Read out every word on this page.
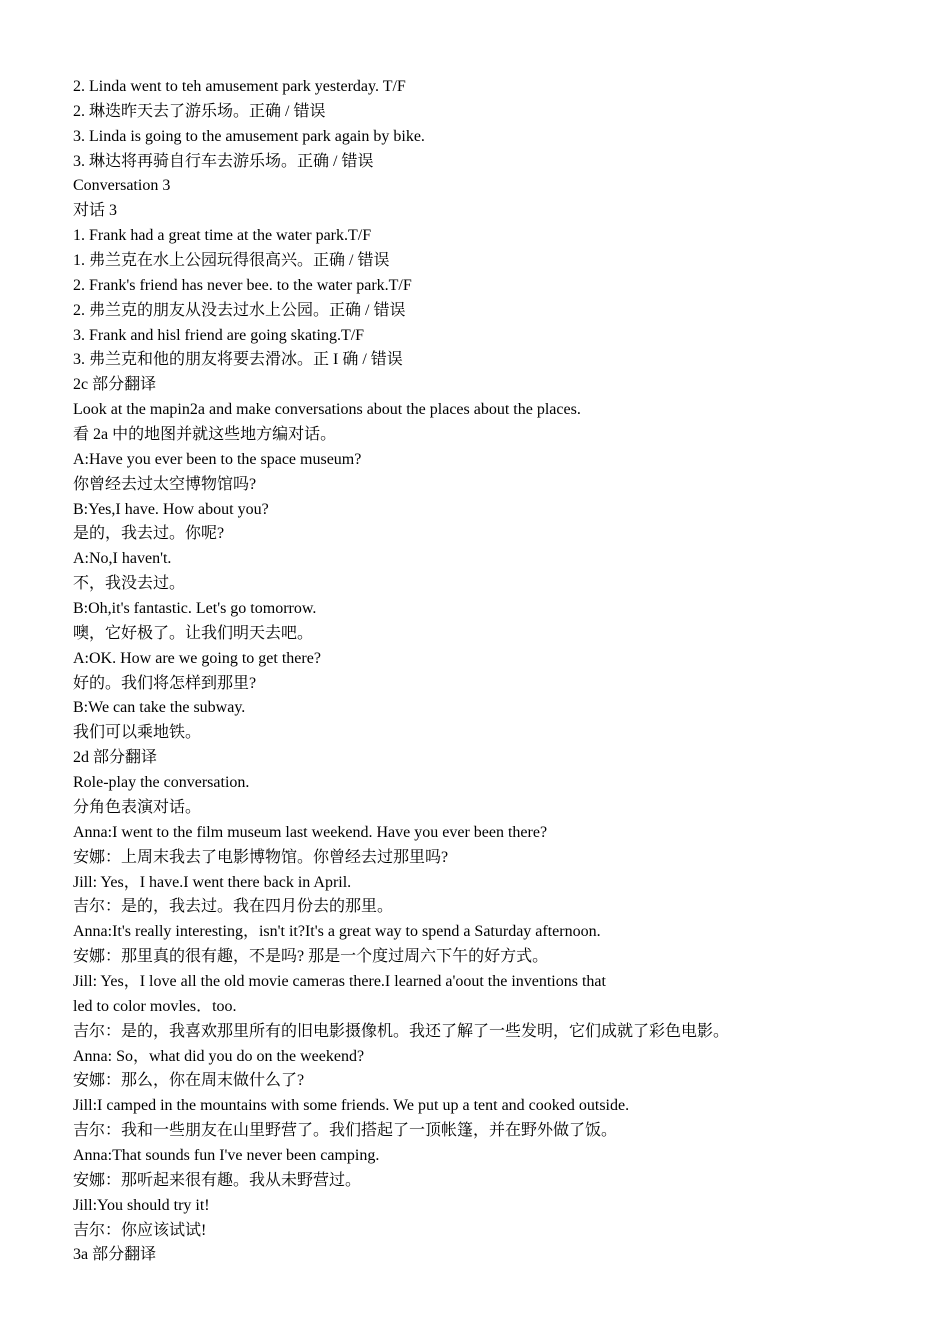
2. Linda went to teh amusement park yesterday. T/F

2. 琳迭昨天去了游乐场。正确 / 错误

3. Linda is going to the amusement park again by bike.

3. 琳达将再骑自行车去游乐场。正确 / 错误

Conversation 3

对话 3

1. Frank had a great time at the water park.T/F

1. 弗兰克在水上公园玩得很高兴。正确 / 错误

2. Frank's friend has never bee. to the water park.T/F

2. 弗兰克的朋友从没去过水上公园。正确 / 错误

3. Frank and hisl friend are going skating.T/F

3. 弗兰克和他的朋友将要去滑冰。正 I 确 / 错误

2c 部分翻译

Look at the mapin2a and make conversations about the places about the places.

看 2a 中的地图并就这些地方编对话。

A:Have you ever been to the space museum?

你曾经去过太空博物馆吗?

B:Yes,I have. How about you?

是的，我去过。你呢?

A:No,I haven't.

不，我没去过。

B:Oh,it's fantastic. Let's go tomorrow.

噢，它好极了。让我们明天去吧。

A:OK. How are we going to get there?

好的。我们将怎样到那里?

B:We can take the subway.

我们可以乘地铁。

2d 部分翻译

Role-play the conversation.

分角色表演对话。

Anna:I went to the film museum last weekend. Have you ever been there?

安娜：上周末我去了电影博物馆。你曾经去过那里吗?

Jill: Yes，I have.I went there back in April.

吉尔：是的，我去过。我在四月份去的那里。

Anna:It's really interesting，isn't it?It's a great way to spend a Saturday afternoon.

安娜：那里真的很有趣，不是吗? 那是一个度过周六下午的好方式。

Jill: Yes，I love all the old movie cameras there.I learned a'oout the inventions that

led to color movles．too.

吉尔：是的，我喜欢那里所有的旧电影摄像机。我还了解了一些发明，它们成就了彩色电影。

Anna: So，what did you do on the weekend?

安娜：那么，你在周末做什么了?

Jill:I camped in the mountains with some friends. We put up a tent and cooked outside.

吉尔：我和一些朋友在山里野营了。我们搭起了一顶帐篷，并在野外做了饭。

Anna:That sounds fun I've never been camping.

安娜：那听起来很有趣。我从未野营过。

Jill:You should try it!

吉尔：你应该试试!

3a 部分翻译
